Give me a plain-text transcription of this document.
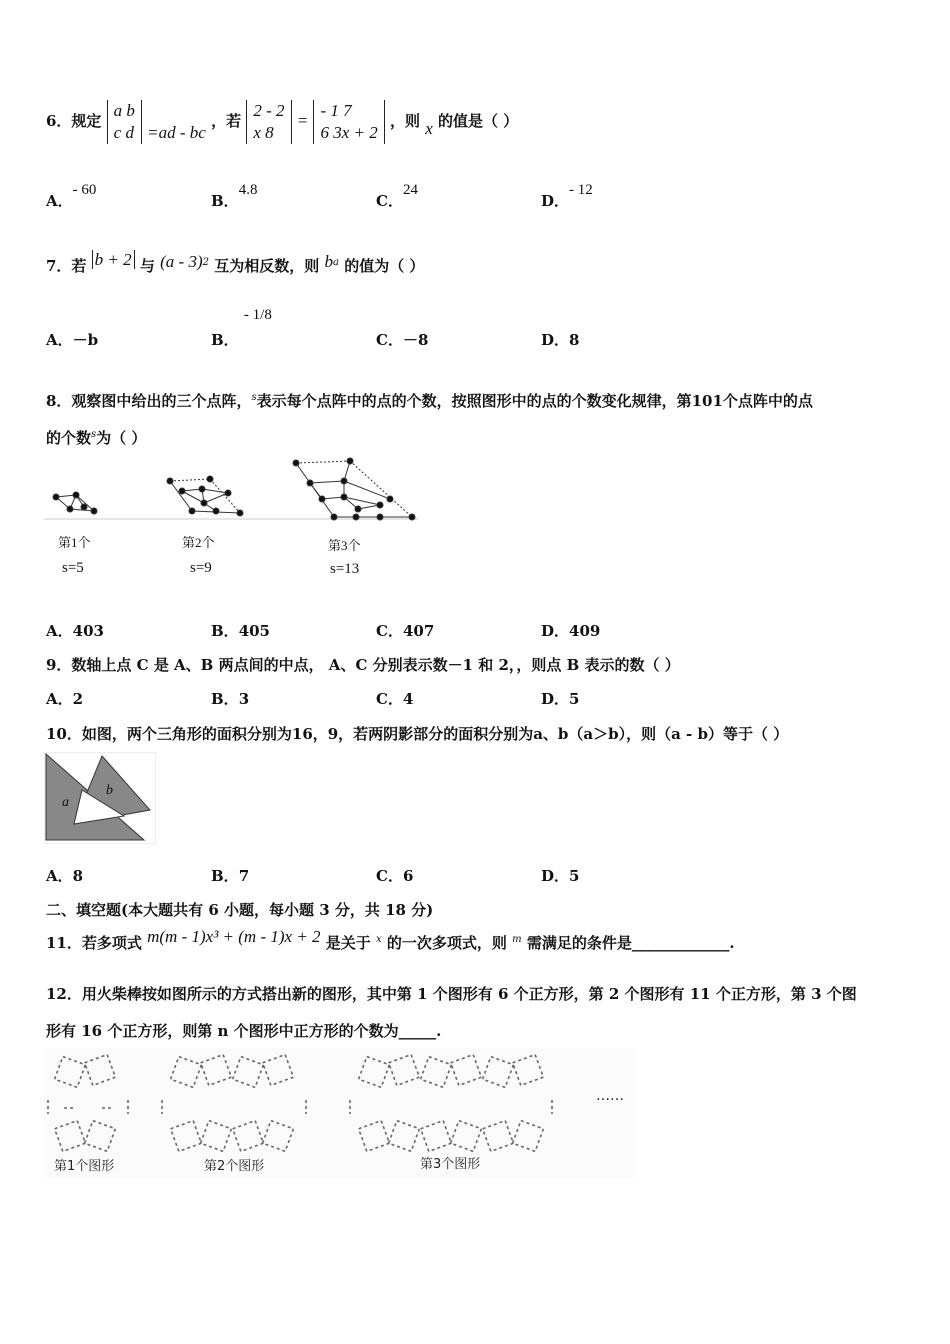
6．规定
a b
c d =ad - bc ，若
2 - 2
x 8
=
- 1 7
6 3x + 2
，则 x 的值是（ ）
A．- 60
B．4.8
C．24
D．- 12
7．若 b + 2 与 (a - 3)$^2$ 互为相反数，则 $b^a$ 的值为（ ）
A．－b	B． - 1/8
C．－8	D．8
8．观察图中给出的三个点阵，$^s$表示每个点阵中的点的个数，按照图形中的点的个数变化规律，第101个点阵中的点
的个数$^s$为（ ）
第1个
s=5
第2个
s=9
第3个
s=13
A．403	B．405	C．407	D．409
9．数轴上点 C 是 A、B 两点间的中点， A、C 分别表示数－1 和 2，，则点 B 表示的数（ ）
A．2	B．3	C．4	D．5
10．如图，两个三角形的面积分别为16，9，若两阴影部分的面积分别为a、b（a＞b），则（a - b）等于（ ）
a
b
A．8	B．7	C．6	D．5
二、填空题(本大题共有 6 小题，每小题 3 分，共 18 分)
11．若多项式 m(m - 1)x³ + (m - 1)x + 2 是关于 $^x$ 的一次多项式，则 $^m$ 需满足的条件是_____________.
12．用火柴棒按如图所示的方式搭出新的图形，其中第 1 个图形有 6 个正方形，第 2 个图形有 11 个正方形，第 3 个图
形有 16 个正方形，则第 n 个图形中正方形的个数为_____.
第1个图形	第2个图形	第3个图形
……
